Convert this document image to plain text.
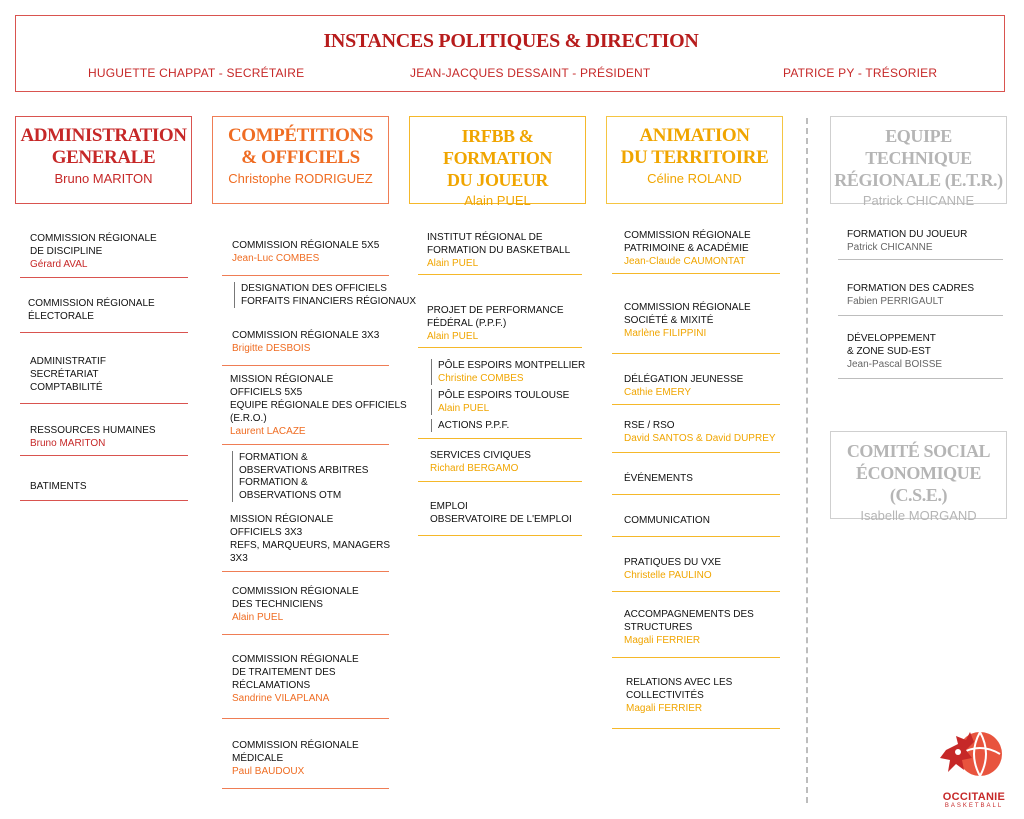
INSTANCES POLITIQUES & DIRECTION
HUGUETTE CHAPPAT - SECRÉTAIRE	JEAN-JACQUES DESSAINT - PRÉSIDENT	PATRICE PY - TRÉSORIER
ADMINISTRATION
GENERALE
Bruno MARITON
COMMISSION RÉGIONALE
DE DISCIPLINE
Gérard AVAL
COMMISSION RÉGIONALE
ÉLECTORALE
ADMINISTRATIF
SECRÉTARIAT
COMPTABILITÉ
RESSOURCES HUMAINES
Bruno MARITON
BATIMENTS
COMPÉTITIONS
& OFFICIELS
Christophe RODRIGUEZ
COMMISSION RÉGIONALE 5X5
Jean-Luc COMBES
DESIGNATION DES OFFICIELS
FORFAITS FINANCIERS RÉGIONAUX
COMMISSION RÉGIONALE 3X3
Brigitte DESBOIS
MISSION RÉGIONALE
OFFICIELS 5X5
EQUIPE RÉGIONALE DES OFFICIELS
(E.R.O.)
Laurent LACAZE
FORMATION &
OBSERVATIONS ARBITRES
FORMATION &
OBSERVATIONS OTM
MISSION RÉGIONALE
OFFICIELS 3X3
REFS, MARQUEURS, MANAGERS
3X3
COMMISSION RÉGIONALE
DES TECHNICIENS
Alain PUEL
COMMISSION RÉGIONALE
DE TRAITEMENT DES
RÉCLAMATIONS
Sandrine VILAPLANA
COMMISSION RÉGIONALE
MÉDICALE
Paul BAUDOUX
IRFBB & FORMATION
DU JOUEUR
Alain PUEL
INSTITUT RÉGIONAL DE
FORMATION DU BASKETBALL
Alain PUEL
PROJET DE PERFORMANCE
FÉDÉRAL (P.P.F.)
Alain PUEL
PÔLE ESPOIRS MONTPELLIER
Christine COMBES
PÔLE ESPOIRS TOULOUSE
Alain PUEL
ACTIONS P.P.F.
SERVICES CIVIQUES
Richard BERGAMO
EMPLOI
OBSERVATOIRE DE L'EMPLOI
ANIMATION
DU TERRITOIRE
Céline ROLAND
COMMISSION RÉGIONALE
PATRIMOINE & ACADÉMIE
Jean-Claude CAUMONTAT
COMMISSION RÉGIONALE
SOCIÉTÉ & MIXITÉ
Marlène FILIPPINI
DÉLÉGATION JEUNESSE
Cathie EMERY
RSE / RSO
David SANTOS & David DUPREY
ÉVÉNEMENTS
COMMUNICATION
PRATIQUES DU VXE
Christelle PAULINO
ACCOMPAGNEMENTS DES
STRUCTURES
Magali FERRIER
RELATIONS AVEC LES
COLLECTIVITÉS
Magali FERRIER
EQUIPE TECHNIQUE
RÉGIONALE (E.T.R.)
Patrick CHICANNE
FORMATION DU JOUEUR
Patrick CHICANNE
FORMATION DES CADRES
Fabien PERRIGAULT
DÉVELOPPEMENT
& ZONE SUD-EST
Jean-Pascal BOISSE
COMITÉ SOCIAL
ÉCONOMIQUE (C.S.E.)
Isabelle MORGAND
OCCITANIE
BASKETBALL
